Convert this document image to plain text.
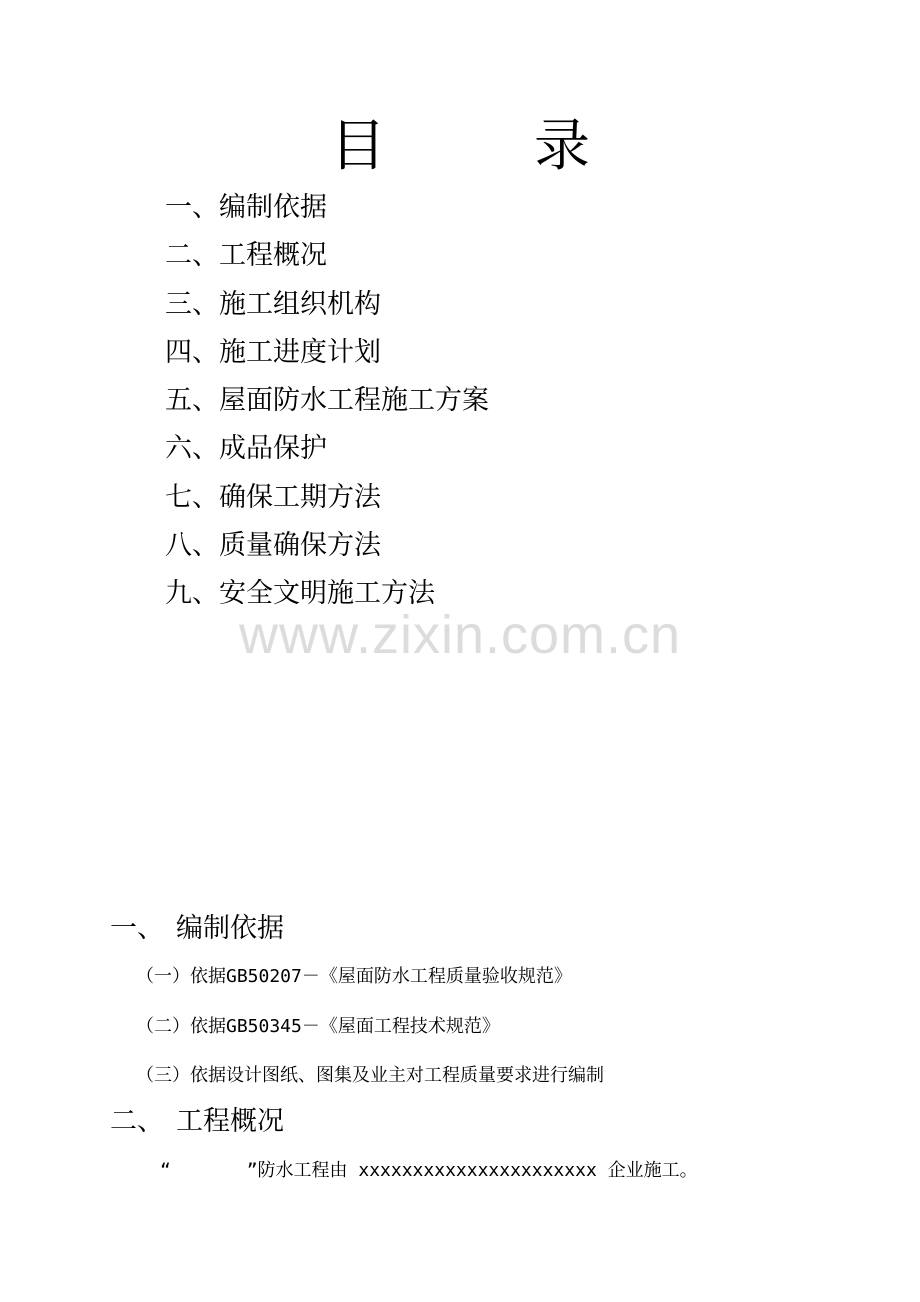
目　录
一、编制依据
二、工程概况
三、施工组织机构
四、施工进度计划
五、屋面防水工程施工方案
六、成品保护
七、确保工期方法
八、质量确保方法
九、安全文明施工方法
www.zixin.com.cn
一、 编制依据
（一）依据GB50207－《屋面防水工程质量验收规范》
（二）依据GB50345－《屋面工程技术规范》
（三）依据设计图纸、图集及业主对工程质量要求进行编制
二、 工程概况

“       ”防水工程由 xxxxxxxxxxxxxxxxxxxxxx 企业施工。
